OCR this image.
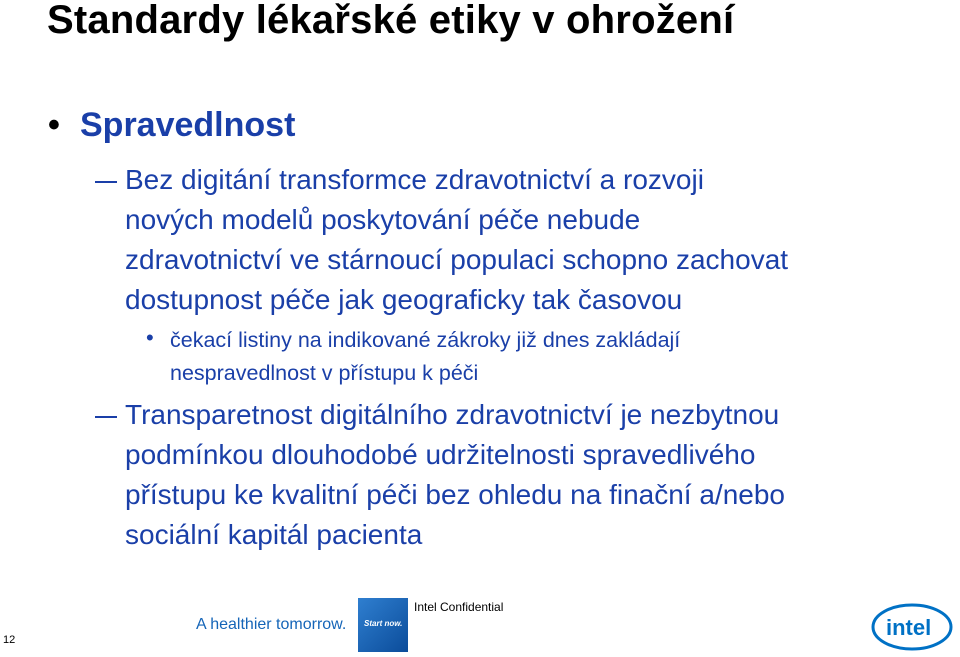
Standardy lékařské etiky v ohrožení
• Spravedlnost
Bez digitání transformce zdravotnictví a rozvoji
nových modelů poskytování péče nebude
zdravotnictví ve stárnoucí populaci schopno zachovat
dostupnost péče jak geograficky tak časovou
• čekací listiny na indikované zákroky již dnes zakládají
nespravedlnost v přístupu k péči
Transparetnost digitálního zdravotnictví je nezbytnou
podmínkou dlouhodobé udržitelnosti spravedlivého
přístupu ke kvalitní péči bez ohledu na finační a/nebo
sociální kapitál pacienta
12
A healthier tomorrow. Start now.
Intel Confidential
intel
